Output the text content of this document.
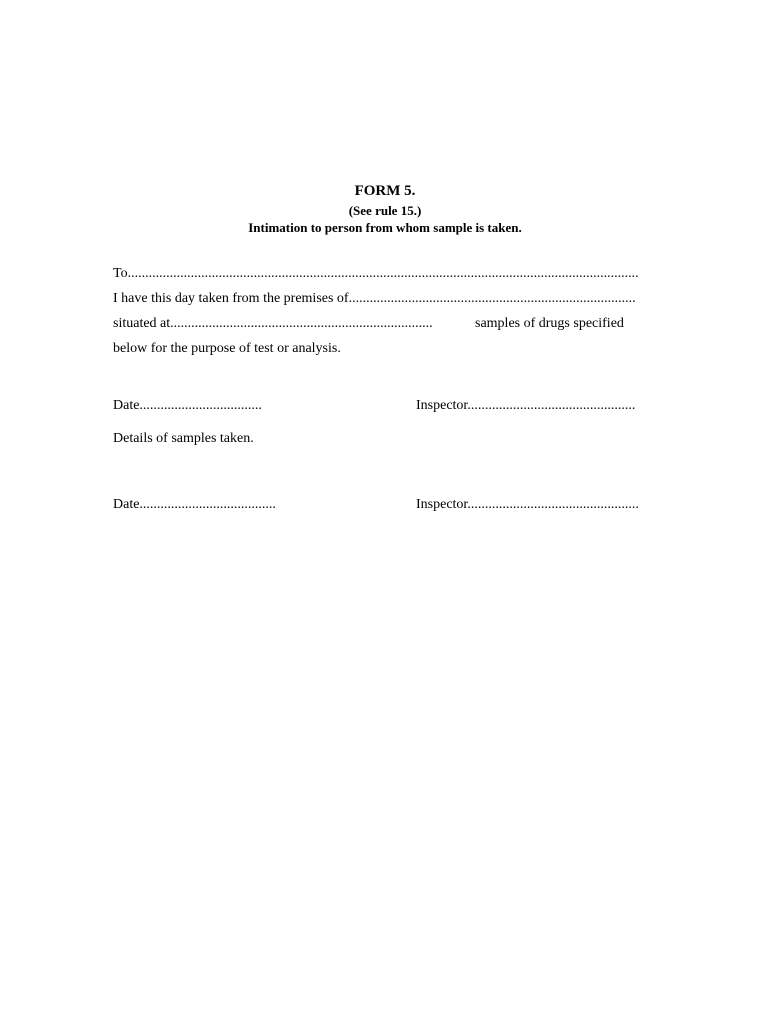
FORM 5.
(See rule 15.)
Intimation to person from whom sample is taken.
To..................................................................................................................................................
I have this day taken from the premises of..................................................................................
situated at...........................................................................	samples of drugs specified
below for the purpose of test or analysis.
Date...................................	Inspector................................................
Details of samples taken.
Date.......................................	Inspector.................................................
